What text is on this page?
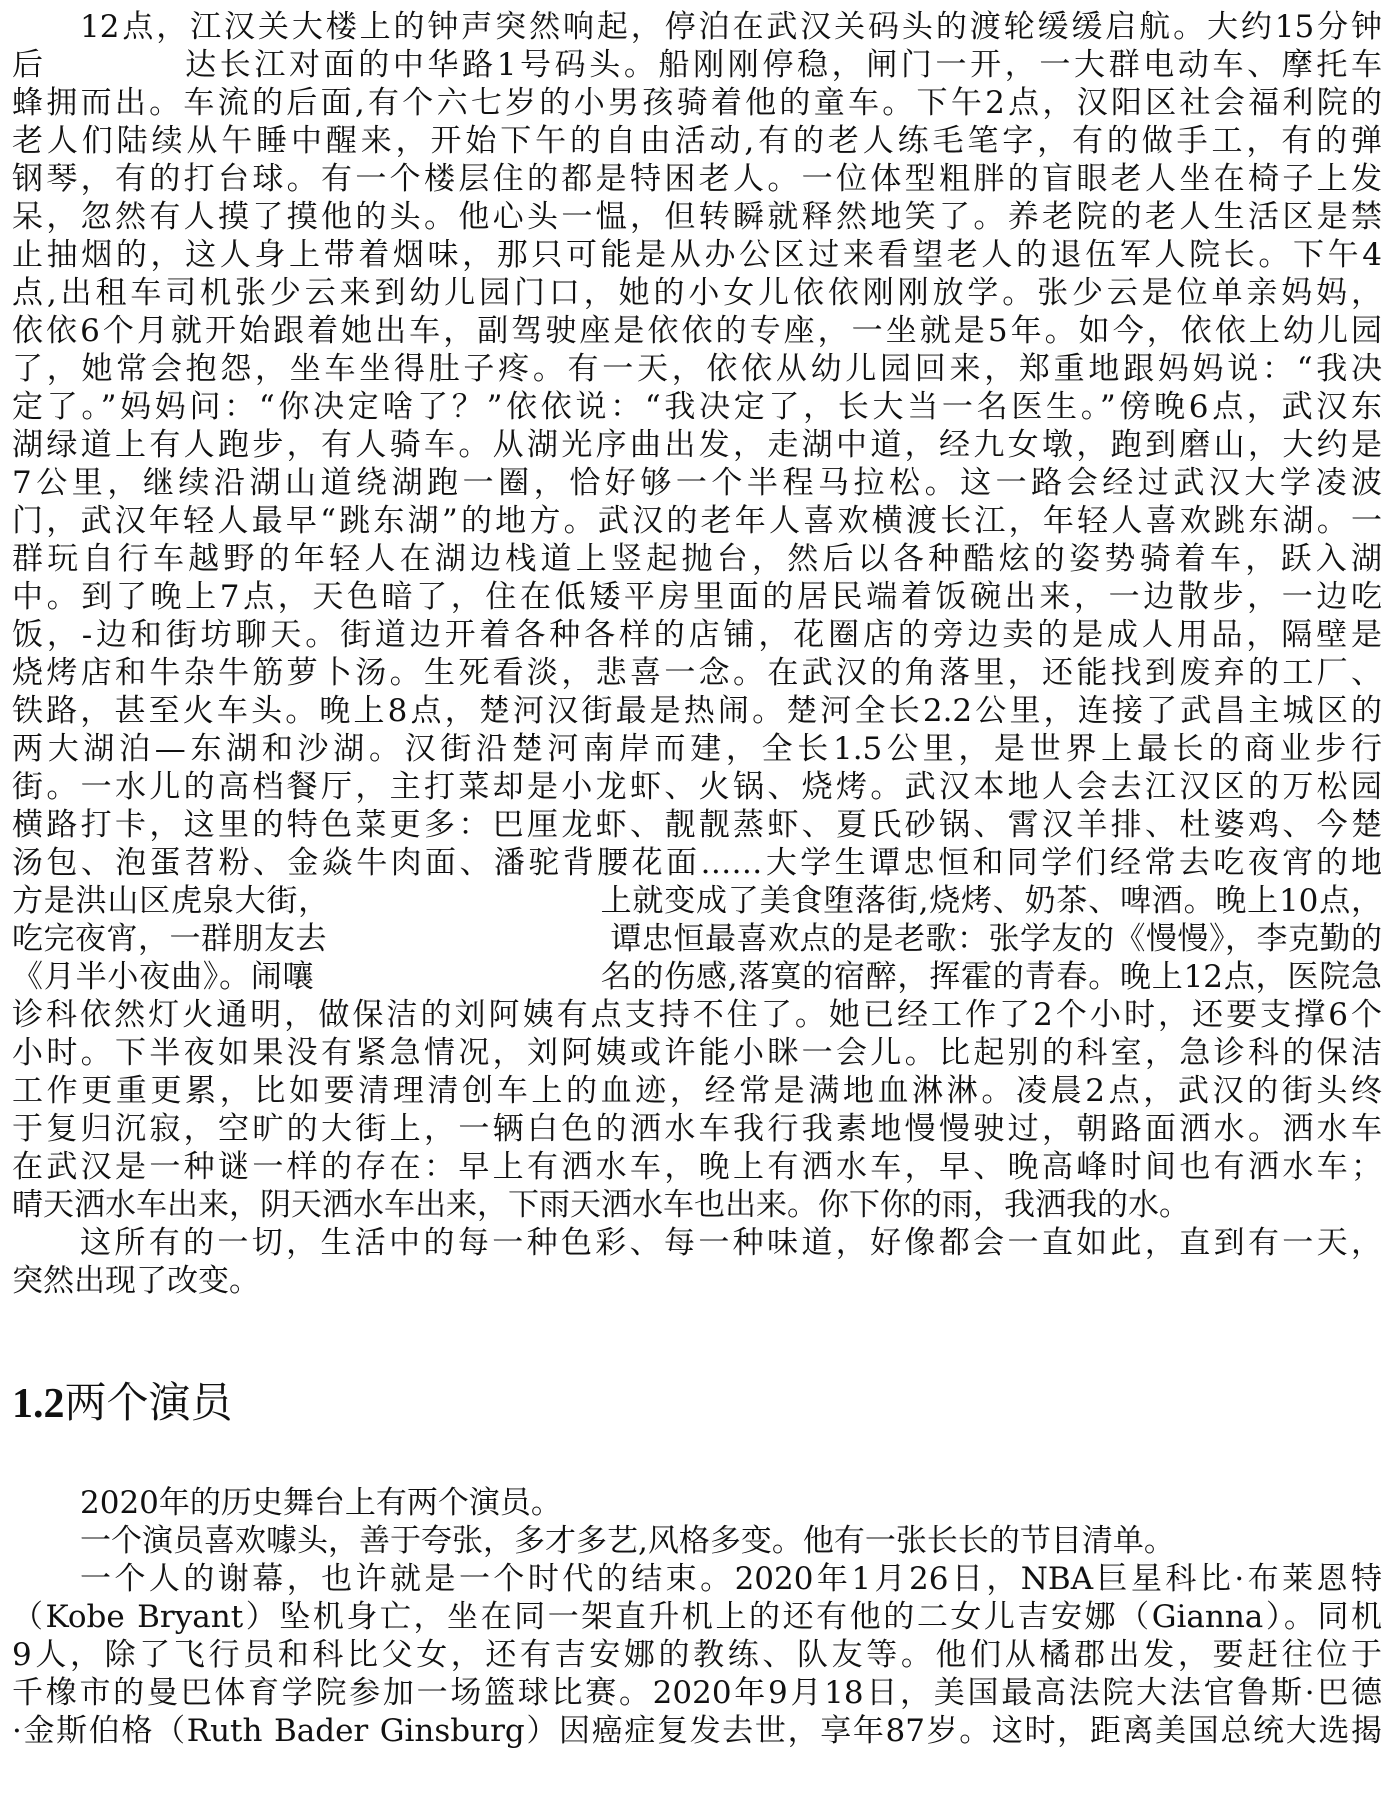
12点，江汉关大楼上的钟声突然响起，停泊在武汉关码头的渡轮缓缓启航。大约15分钟
后　　　　达长江对面的中华路1号码头。船刚刚停稳，闸门一开，一大群电动车、摩托车
蜂拥而出。车流的后面,有个六七岁的小男孩骑着他的童车。下午2点，汉阳区社会福利院的
老人们陆续从午睡中醒来，开始下午的自由活动,有的老人练毛笔字，有的做手工，有的弹
钢琴，有的打台球。有一个楼层住的都是特困老人。一位体型粗胖的盲眼老人坐在椅子上发
呆，忽然有人摸了摸他的头。他心头一愠，但转瞬就释然地笑了。养老院的老人生活区是禁
止抽烟的，这人身上带着烟味，那只可能是从办公区过来看望老人的退伍军人院长。下午4
点,出租车司机张少云来到幼儿园门口，她的小女儿依依刚刚放学。张少云是位单亲妈妈，
依依6个月就开始跟着她出车，副驾驶座是依依的专座，一坐就是5年。如今，依依上幼儿园
了，她常会抱怨，坐车坐得肚子疼。有一天，依依从幼儿园回来，郑重地跟妈妈说：“我决
定了。”妈妈问：“你决定啥了？”依依说：“我决定了，长大当一名医生。”傍晚6点，武汉东
湖绿道上有人跑步，有人骑车。从湖光序曲出发，走湖中道，经九女墩，跑到磨山，大约是
7公里，继续沿湖山道绕湖跑一圈，恰好够一个半程马拉松。这一路会经过武汉大学凌波
门，武汉年轻人最早“跳东湖”的地方。武汉的老年人喜欢横渡长江，年轻人喜欢跳东湖。一
群玩自行车越野的年轻人在湖边栈道上竖起抛台，然后以各种酷炫的姿势骑着车，跃入湖
中。到了晚上7点，天色暗了，住在低矮平房里面的居民端着饭碗出来，一边散步，一边吃
饭，-边和街坊聊天。街道边开着各种各样的店铺，花圈店的旁边卖的是成人用品，隔壁是
烧烤店和牛杂牛筋萝卜汤。生死看淡，悲喜一念。在武汉的角落里，还能找到废弃的工厂、
铁路，甚至火车头。晚上8点，楚河汉街最是热闹。楚河全长2.2公里，连接了武昌主城区的
两大湖泊—东湖和沙湖。汉街沿楚河南岸而建，全长1.5公里，是世界上最长的商业步行
街。一水儿的高档餐厅，主打菜却是小龙虾、火锅、烧烤。武汉本地人会去江汉区的万松园
横路打卡，这里的特色菜更多：巴厘龙虾、靓靓蒸虾、夏氏砂锅、霄汉羊排、杜婆鸡、今楚
汤包、泡蛋苕粉、金焱牛肉面、潘驼背腰花面……大学生谭忠恒和同学们经常去吃夜宵的地
方是洪山区虎泉大街，　　　　　　　　　上就变成了美食堕落街,烧烤、奶茶、啤酒。晚上10点，
吃完夜宵，一群朋友去　　　　　　　　　谭忠恒最喜欢点的是老歌：张学友的《慢慢》，李克勤的
《月半小夜曲》。闹嚷　　　　　　　　　名的伤感,落寞的宿醉，挥霍的青春。晚上12点，医院急
诊科依然灯火通明，做保洁的刘阿姨有点支持不住了。她已经工作了2个小时，还要支撑6个
小时。下半夜如果没有紧急情况，刘阿姨或许能小眯一会儿。比起别的科室，急诊科的保洁
工作更重更累，比如要清理清创车上的血迹，经常是满地血淋淋。凌晨2点，武汉的街头终
于复归沉寂，空旷的大街上，一辆白色的洒水车我行我素地慢慢驶过，朝路面洒水。洒水车
在武汉是一种谜一样的存在：早上有洒水车，晚上有洒水车，早、晚高峰时间也有洒水车；
晴天洒水车出来，阴天洒水车出来，下雨天洒水车也出来。你下你的雨，我洒我的水。
这所有的一切，生活中的每一种色彩、每一种味道，好像都会一直如此，直到有一天，
突然出现了改变。
1.2两个演员
2020年的历史舞台上有两个演员。
一个演员喜欢噱头，善于夸张，多才多艺,风格多变。他有一张长长的节目清单。
一个人的谢幕，也许就是一个时代的结束。2020年1月26日，NBA巨星科比·布莱恩特
（Kobe Bryant）坠机身亡，坐在同一架直升机上的还有他的二女儿吉安娜（Gianna）。同机
9人，除了飞行员和科比父女，还有吉安娜的教练、队友等。他们从橘郡出发，要赶往位于
千橡市的曼巴体育学院参加一场篮球比赛。2020年9月18日，美国最高法院大法官鲁斯·巴德
·金斯伯格（Ruth Bader Ginsburg）因癌症复发去世，享年87岁。这时，距离美国总统大选揭
